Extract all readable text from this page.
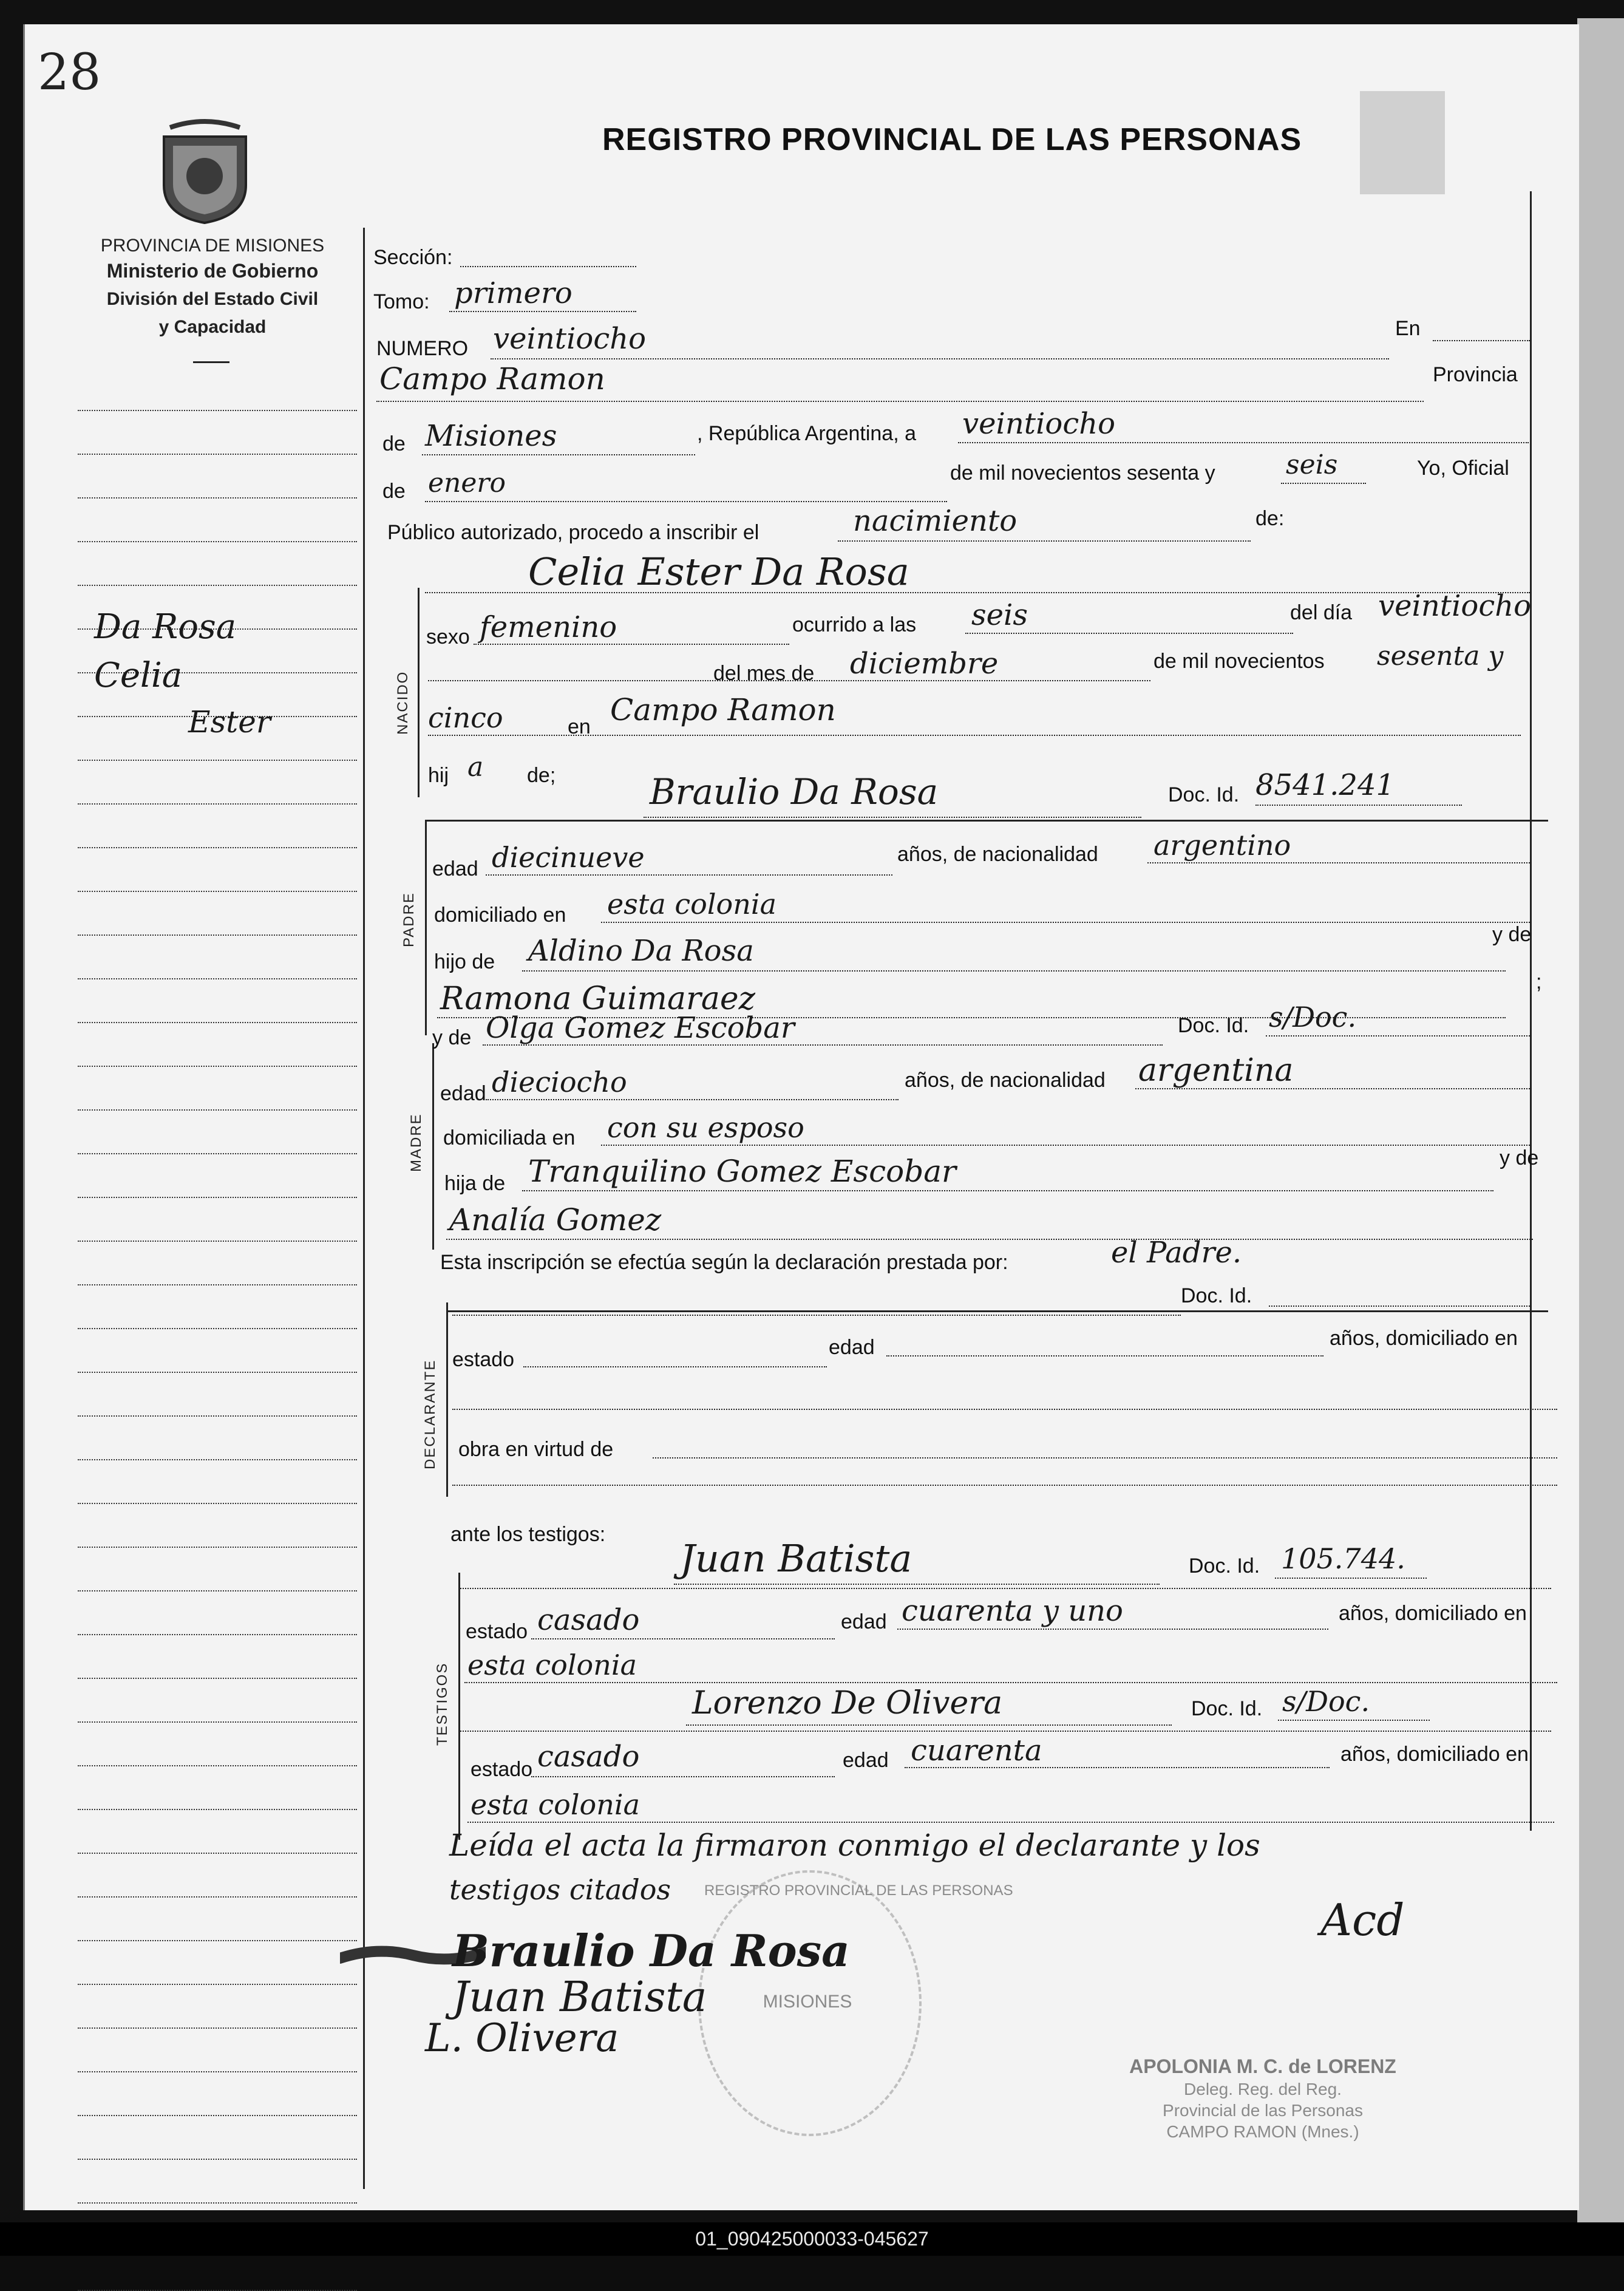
28
PROVINCIA DE MISIONES
Ministerio de Gobierno
División del Estado Civil
y Capacidad
REGISTRO PROVINCIAL DE LAS PERSONAS
Da Rosa
Celia
Ester
Sección:
Tomo: primero
NUMERO veintiocho	En
Campo Ramon	Provincia
de Misiones	, República Argentina, a veintiocho
de enero	de mil novecientos sesenta y	seis	Yo, Oficial
Público autorizado, procedo a inscribir el	nacimiento	de:
Celia Ester Da Rosa
NACIDO
sexo femenino	ocurrido a las seis	del día veintiocho
del mes de diciembre	de mil novecientos sesenta y
cinco	en Campo Ramon
hij a de;	Braulio Da Rosa	Doc. Id. 8541.241
PADRE
edad diecinueve	años, de nacionalidad argentino
domiciliado en esta colonia
hijo de Aldino Da Rosa	y de
Ramona Guimaraez	;
MADRE
y de Olga Gomez Escobar	Doc. Id. s/Doc.
edad dieciocho	años, de nacionalidad argentina
domiciliada en con su esposo
hija de Tranquilino Gomez Escobar	y de
Analía Gomez
Esta inscripción se efectúa según la declaración prestada por:	el Padre.
DECLARANTE
Doc. Id.
estado
edad	años, domiciliado en
obra en virtud de
ante los testigos:
TESTIGOS
Juan Batista	Doc. Id. 105.744.
estado casado	edad cuarenta y uno	años, domiciliado en
esta colonia
Lorenzo De Olivera	Doc. Id. s/Doc.
estado casado	edad cuarenta	años, domiciliado en
esta colonia
Leída el acta la firmaron conmigo el declarante y los
testigos citados REGISTRO PROVINCIAL DE LAS PERSONAS
MISIONES
Braulio Da Rosa
Juan Batista
L. Olivera
Acd
APOLONIA M. C. de LORENZ
Deleg. Reg. del Reg.
Provincial de las Personas
CAMPO RAMON (Mnes.)
01_090425000033-045627
